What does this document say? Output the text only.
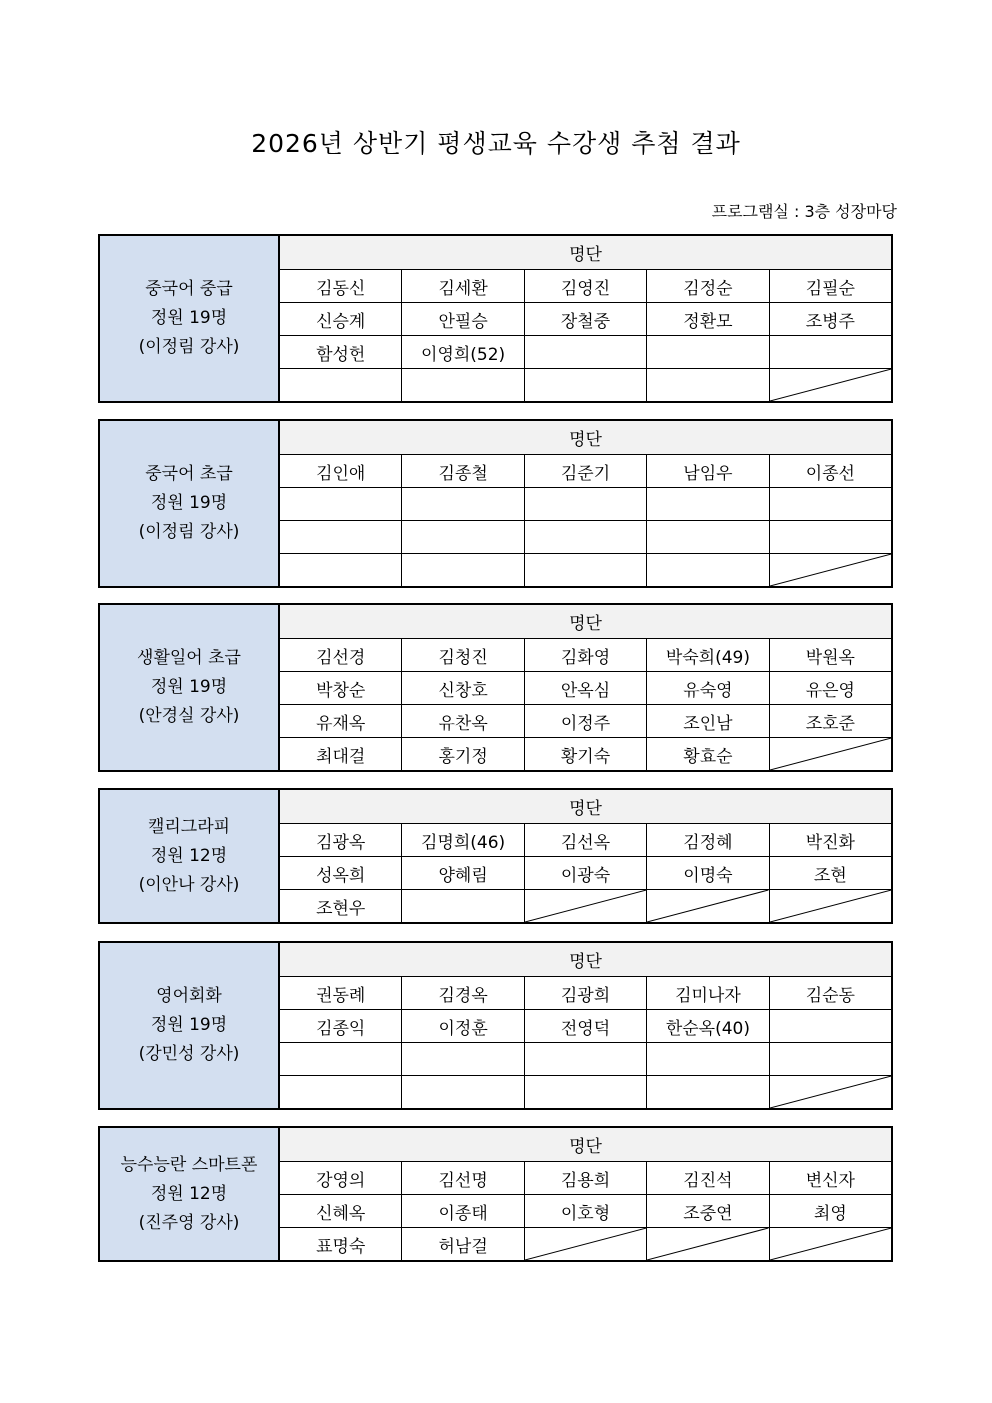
2026년 상반기 평생교육 수강생 추첨 결과
프로그램실 : 3층 성장마당
중국어 중급
정원 19명
(이정림 강사)
명단
김동신	김세환	김영진	김정순	김필순
신승계	안필승	장철중	정환모	조병주
함성헌	이영희(52)
중국어 초급
정원 19명
(이정림 강사)
명단
김인애	김종철	김준기	남임우	이종선
생활일어 초급
정원 19명
(안경실 강사)
명단
김선경	김청진	김화영	박숙희(49)	박원옥
박창순	신창호	안옥심	유숙영	유은영
유재옥	유찬옥	이정주	조인남	조호준
최대걸	홍기정	황기숙	황효순
캘리그라피
정원 12명
(이안나 강사)
명단
김광옥	김명희(46)	김선옥	김정혜	박진화
성옥희	양혜림	이광숙	이명숙	조현
조현우
영어회화
정원 19명
(강민성 강사)
명단
권동례	김경옥	김광희	김미나자	김순동
김종익	이정훈	전영덕	한순옥(40)
능수능란 스마트폰
정원 12명
(진주영 강사)
명단
강영의	김선명	김용희	김진석	변신자
신혜옥	이종태	이호형	조중연	최영
표명숙	허남걸
